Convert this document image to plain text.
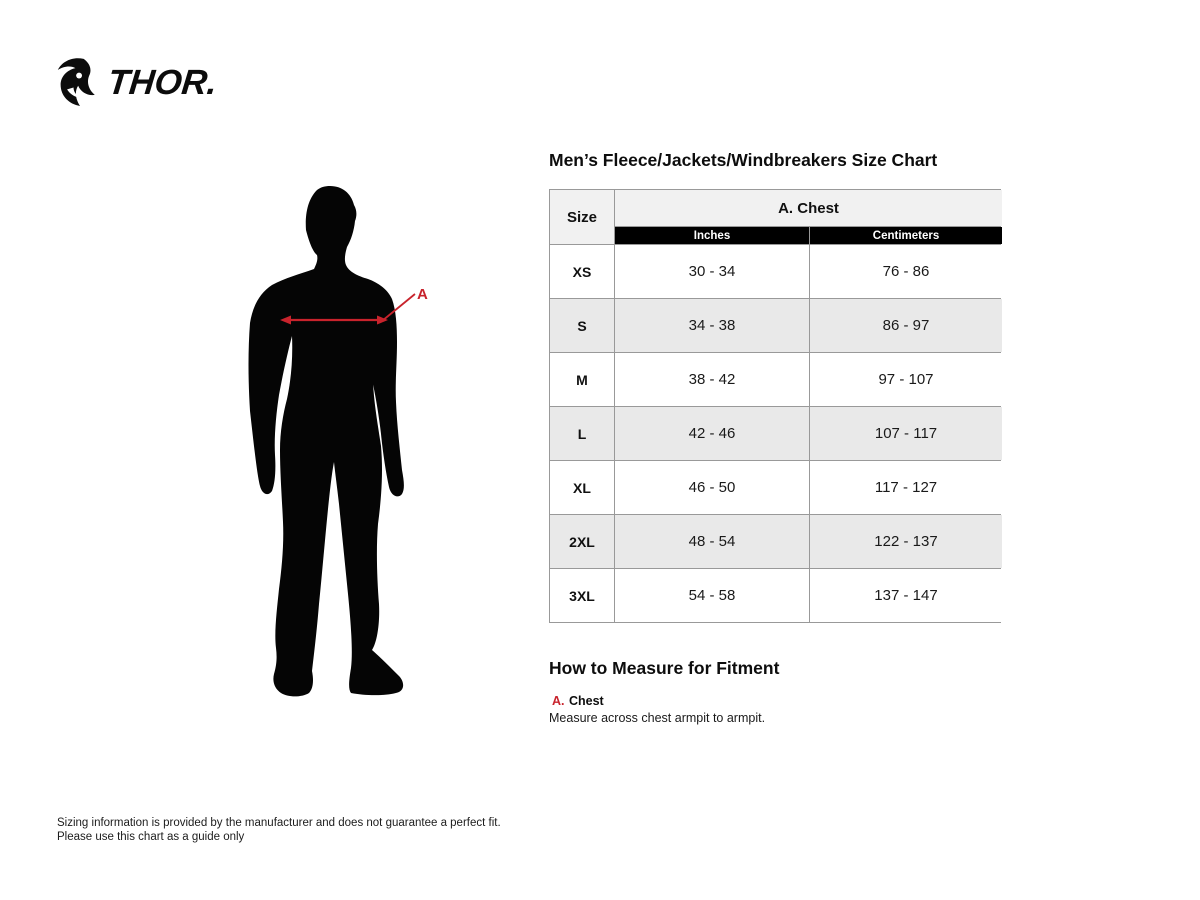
THOR.
A
Men’s Fleece/Jackets/Windbreakers Size Chart
Size
A. Chest
Inches	Centimeters
XS	30 - 34	76 - 86
S	34 - 38	86 - 97
M	38 - 42	97 - 107
L	42 - 46	107 - 117
XL	46 - 50	117 - 127
2XL	48 - 54	122 - 137
3XL	54 - 58	137 - 147
How to Measure for Fitment
A. Chest
Measure across chest armpit to armpit.
Sizing information is provided by the manufacturer and does not guarantee a perfect fit.
Please use this chart as a guide only
